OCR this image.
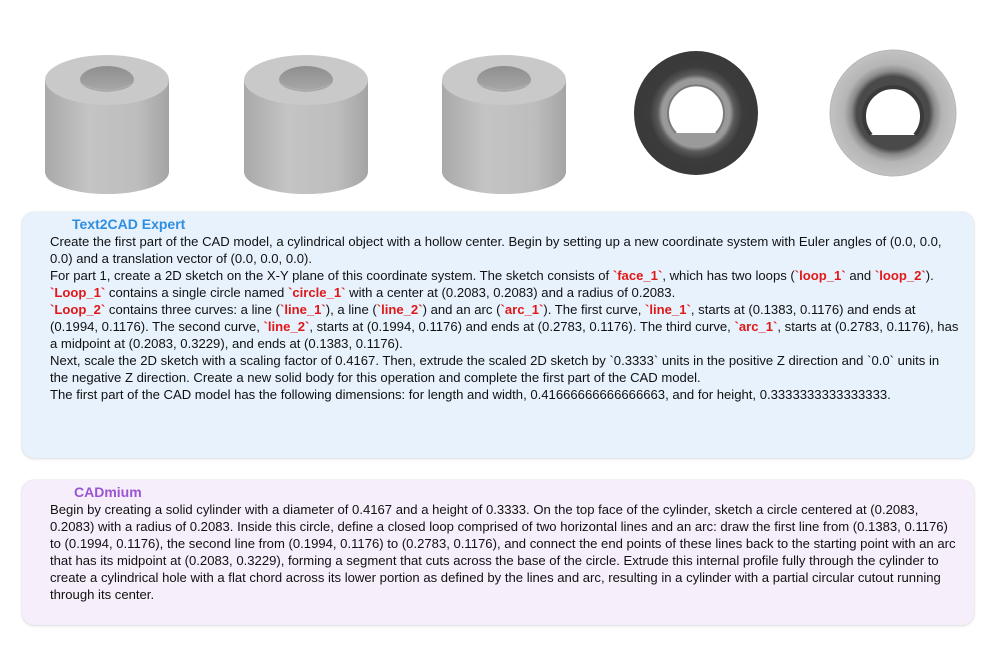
Text2CAD Expert

Create the first part of the CAD model, a cylindrical object with a hollow center. Begin by setting up a new coordinate system with Euler angles of (0.0, 0.0, 0.0) and a translation vector of (0.0, 0.0, 0.0).

For part 1, create a 2D sketch on the X-Y plane of this coordinate system. The sketch consists of `face_1`, which has two loops (`loop_1` and `loop_2`). `Loop_1` contains a single circle named `circle_1` with a center at (0.2083, 0.2083) and a radius of 0.2083.

`Loop_2` contains three curves: a line (`line_1`), a line (`line_2`) and an arc (`arc_1`). The first curve, `line_1`, starts at (0.1383, 0.1176) and ends at (0.1994, 0.1176). The second curve, `line_2`, starts at (0.1994, 0.1176) and ends at (0.2783, 0.1176). The third curve, `arc_1`, starts at (0.2783, 0.1176), has a midpoint at (0.2083, 0.3229), and ends at (0.1383, 0.1176).

Next, scale the 2D sketch with a scaling factor of 0.4167. Then, extrude the scaled 2D sketch by `0.3333` units in the positive Z direction and `0.0` units in the negative Z direction. Create a new solid body for this operation and complete the first part of the CAD model.

The first part of the CAD model has the following dimensions: for length and width, 0.41666666666666663, and for height, 0.3333333333333333.

CADmium

Begin by creating a solid cylinder with a diameter of 0.4167 and a height of 0.3333. On the top face of the cylinder, sketch a circle centered at (0.2083, 0.2083) with a radius of 0.2083. Inside this circle, define a closed loop comprised of two horizontal lines and an arc: draw the first line from (0.1383, 0.1176) to (0.1994, 0.1176), the second line from (0.1994, 0.1176) to (0.2783, 0.1176), and connect the end points of these lines back to the starting point with an arc that has its midpoint at (0.2083, 0.3229), forming a segment that cuts across the base of the circle. Extrude this internal profile fully through the cylinder to create a cylindrical hole with a flat chord across its lower portion as defined by the lines and arc, resulting in a cylinder with a partial circular cutout running through its center.
